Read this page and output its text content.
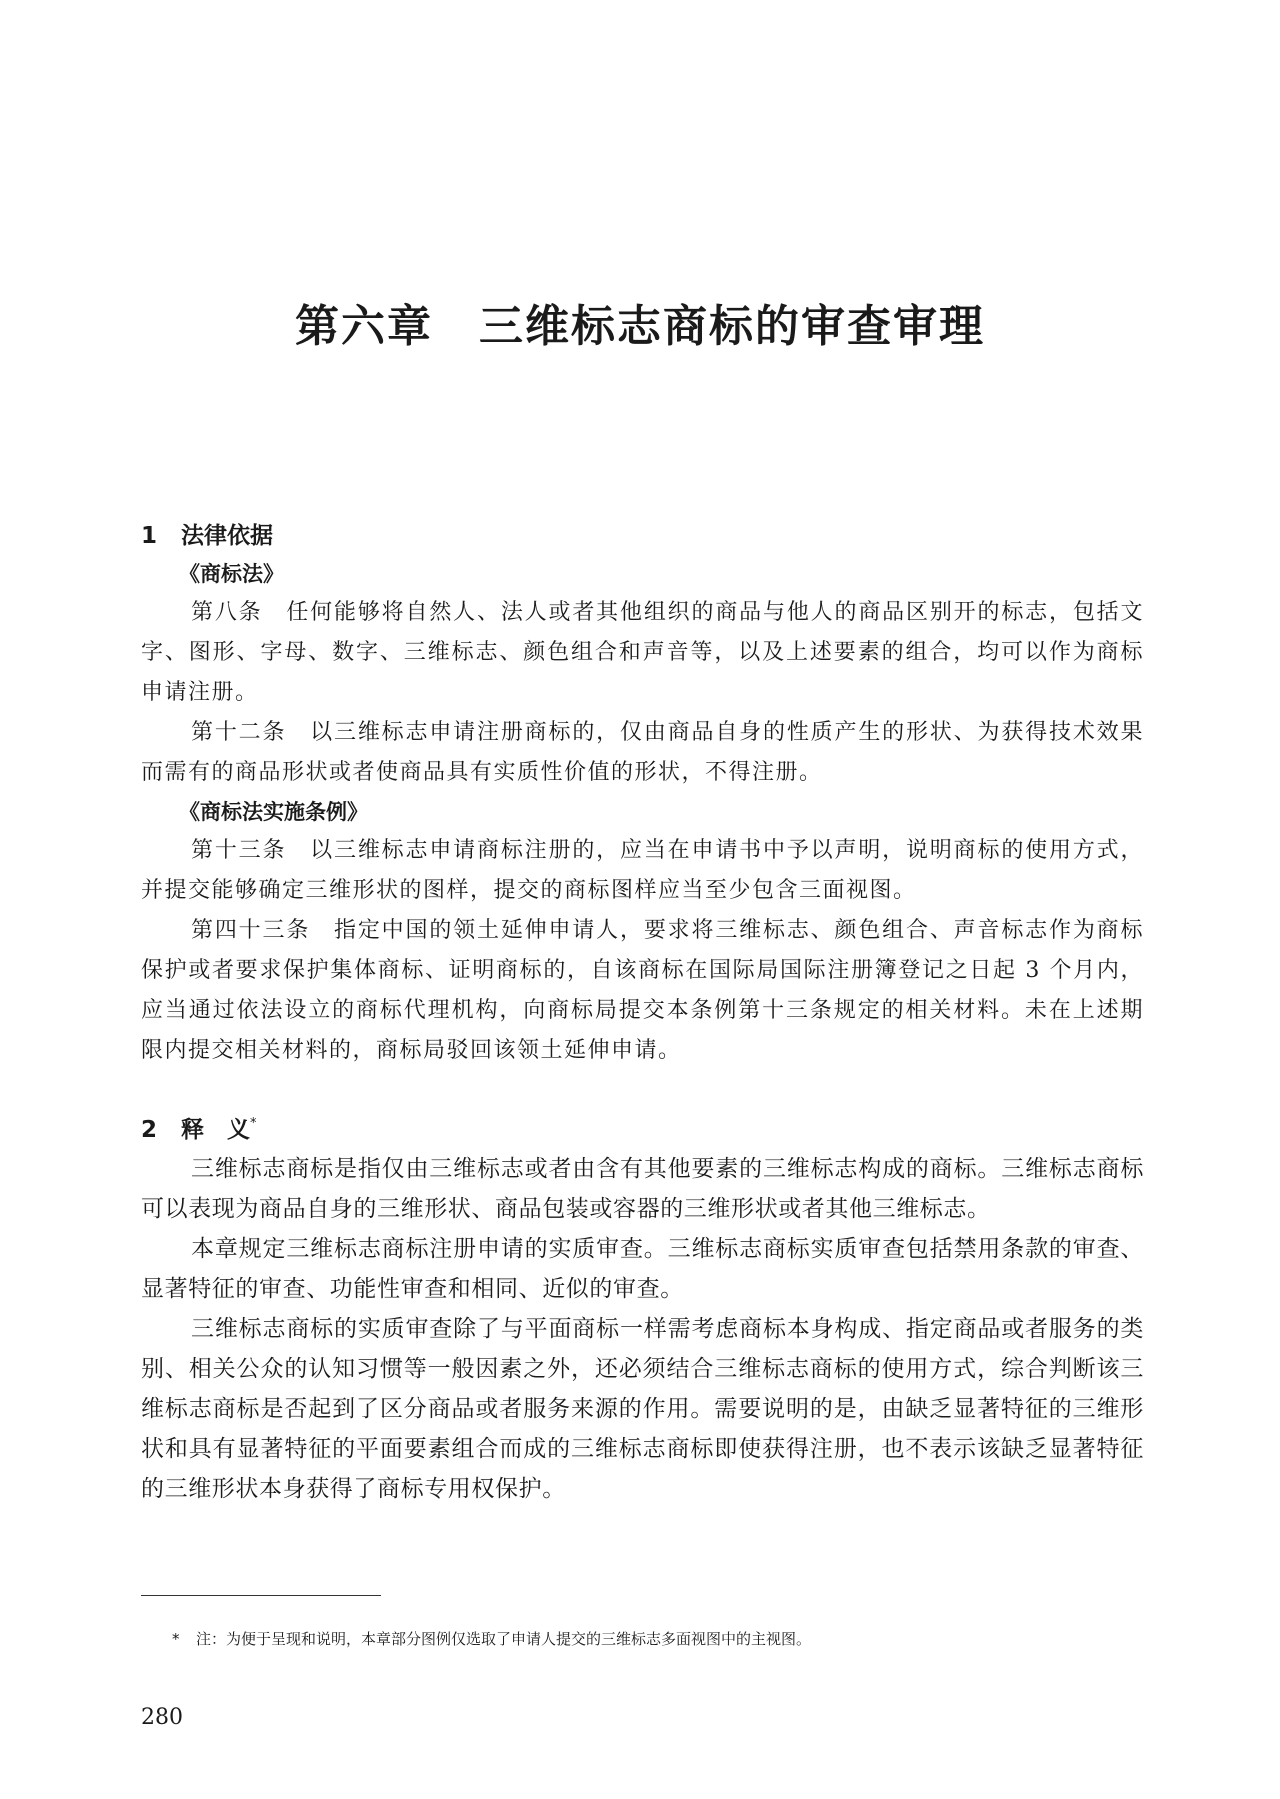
第六章　三维标志商标的审查审理
1 法律依据
《商标法》

第八条　任何能够将自然人、法人或者其他组织的商品与他人的商品区别开的标志，包括文字、图形、字母、数字、三维标志、颜色组合和声音等，以及上述要素的组合，均可以作为商标申请注册。

第十二条　以三维标志申请注册商标的，仅由商品自身的性质产生的形状、为获得技术效果而需有的商品形状或者使商品具有实质性价值的形状，不得注册。

《商标法实施条例》

第十三条　以三维标志申请商标注册的，应当在申请书中予以声明，说明商标的使用方式，并提交能够确定三维形状的图样，提交的商标图样应当至少包含三面视图。

第四十三条　指定中国的领土延伸申请人，要求将三维标志、颜色组合、声音标志作为商标保护或者要求保护集体商标、证明商标的，自该商标在国际局国际注册簿登记之日起 3 个月内，应当通过依法设立的商标代理机构，向商标局提交本条例第十三条规定的相关材料。未在上述期限内提交相关材料的，商标局驳回该领土延伸申请。

2 释　义*

三维标志商标是指仅由三维标志或者由含有其他要素的三维标志构成的商标。三维标志商标可以表现为商品自身的三维形状、商品包装或容器的三维形状或者其他三维标志。

本章规定三维标志商标注册申请的实质审查。三维标志商标实质审查包括禁用条款的审查、显著特征的审查、功能性审查和相同、近似的审查。

三维标志商标的实质审查除了与平面商标一样需考虑商标本身构成、指定商品或者服务的类别、相关公众的认知习惯等一般因素之外，还必须结合三维标志商标的使用方式，综合判断该三维标志商标是否起到了区分商品或者服务来源的作用。需要说明的是，由缺乏显著特征的三维形状和具有显著特征的平面要素组合而成的三维标志商标即使获得注册，也不表示该缺乏显著特征的三维形状本身获得了商标专用权保护。

* 注：为便于呈现和说明，本章部分图例仅选取了申请人提交的三维标志多面视图中的主视图。
280
